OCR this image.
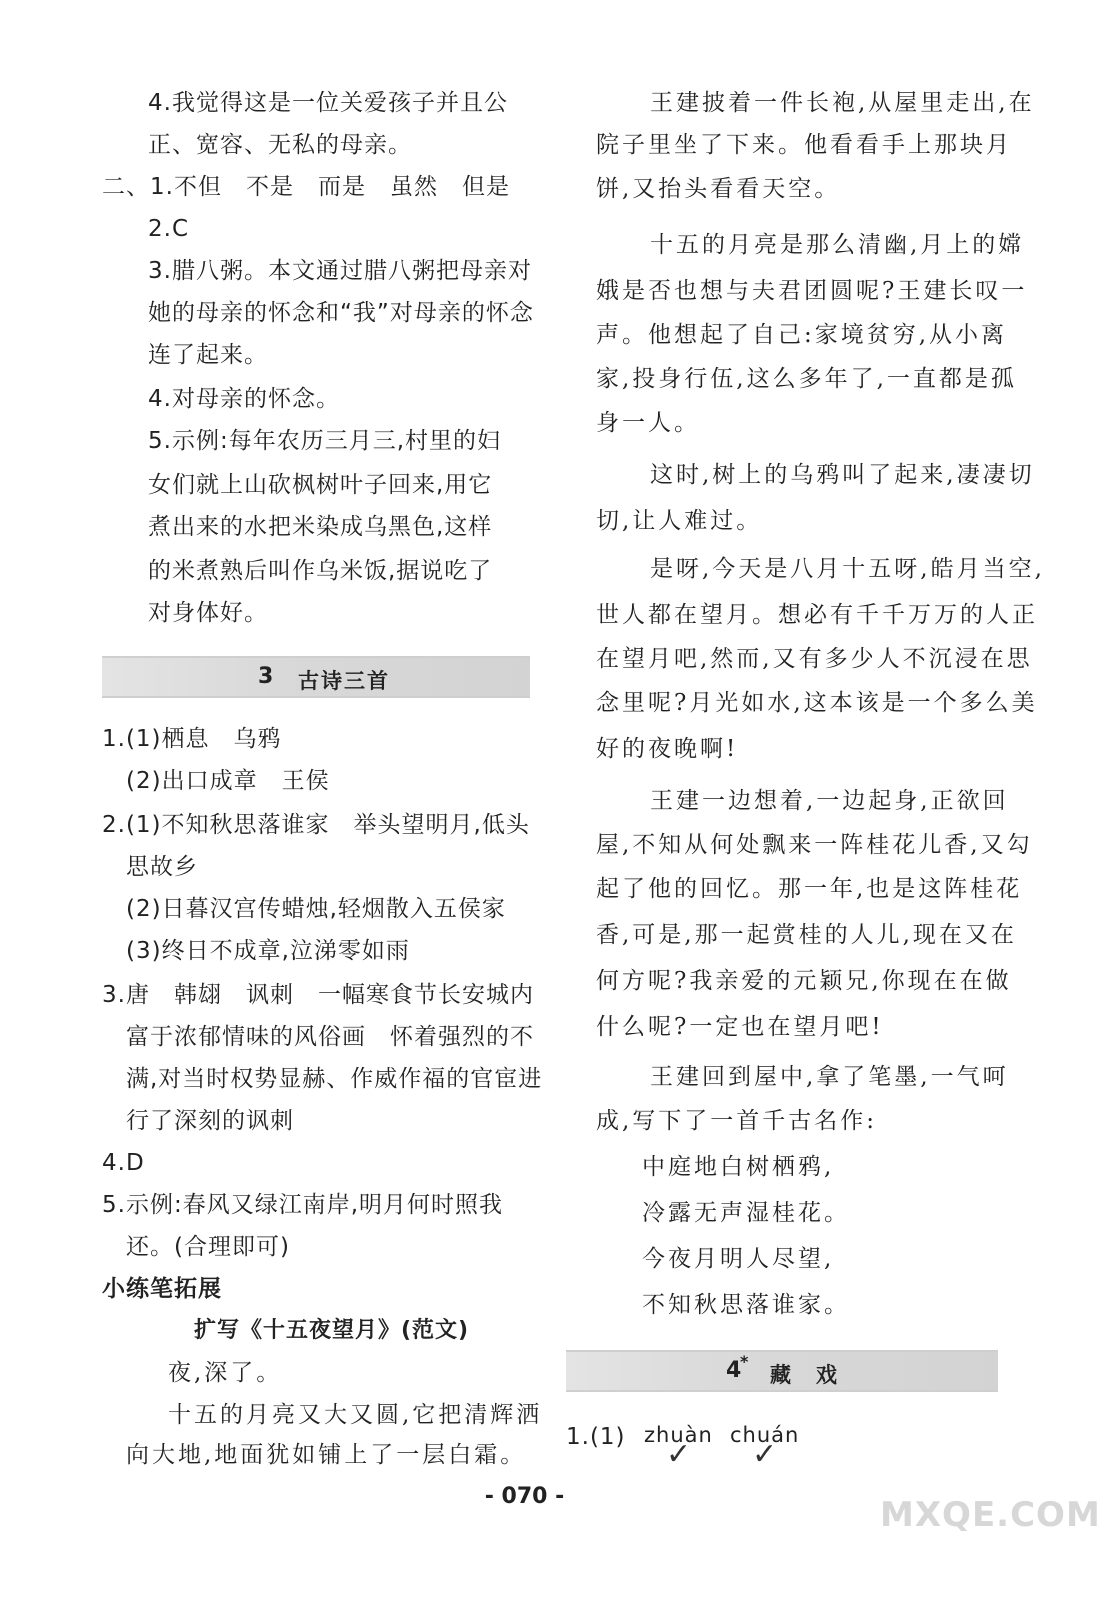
4.我觉得这是一位关爱孩子并且公
正、宽容、无私的母亲。
二、1.不但　不是　而是　虽然　但是
2.C
3.腊八粥。本文通过腊八粥把母亲对
她的母亲的怀念和“我”对母亲的怀念
连了起来。
4.对母亲的怀念。
5.示例:每年农历三月三,村里的妇
女们就上山砍枫树叶子回来,用它
煮出来的水把米染成乌黑色,这样
的米煮熟后叫作乌米饭,据说吃了
对身体好。
3 古诗三首
1.(1)栖息　乌鸦
(2)出口成章　王侯
2.(1)不知秋思落谁家　举头望明月,低头
思故乡
(2)日暮汉宫传蜡烛,轻烟散入五侯家
(3)终日不成章,泣涕零如雨
3.唐　韩翃　讽刺　一幅寒食节长安城内
富于浓郁情味的风俗画　怀着强烈的不
满,对当时权势显赫、作威作福的官宦进
行了深刻的讽刺
4.D
5.示例:春风又绿江南岸,明月何时照我
还。(合理即可)
小练笔拓展
扩写《十五夜望月》(范文)
夜,深了。
十五的月亮又大又圆,它把清辉洒
向大地,地面犹如铺上了一层白霜。
王建披着一件长袍,从屋里走出,在
院子里坐了下来。他看看手上那块月
饼,又抬头看看天空。
十五的月亮是那么清幽,月上的嫦
娥是否也想与夫君团圆呢?王建长叹一
声。他想起了自己:家境贫穷,从小离
家,投身行伍,这么多年了,一直都是孤
身一人。
这时,树上的乌鸦叫了起来,凄凄切
切,让人难过。
是呀,今天是八月十五呀,皓月当空,
世人都在望月。想必有千千万万的人正
在望月吧,然而,又有多少人不沉浸在思
念里呢?月光如水,这本该是一个多么美
好的夜晚啊!
王建一边想着,一边起身,正欲回
屋,不知从何处飘来一阵桂花儿香,又勾
起了他的回忆。那一年,也是这阵桂花
香,可是,那一起赏桂的人儿,现在又在
何方呢?我亲爱的元颖兄,你现在在做
什么呢?一定也在望月吧!
王建回到屋中,拿了笔墨,一气呵
成,写下了一首千古名作:
中庭地白树栖鸦,
冷露无声湿桂花。
今夜月明人尽望,
不知秋思落谁家。
4
*
藏　戏
1.(1) zhuàn chuán
✓ ✓
- 070 -	MXQE.COM
